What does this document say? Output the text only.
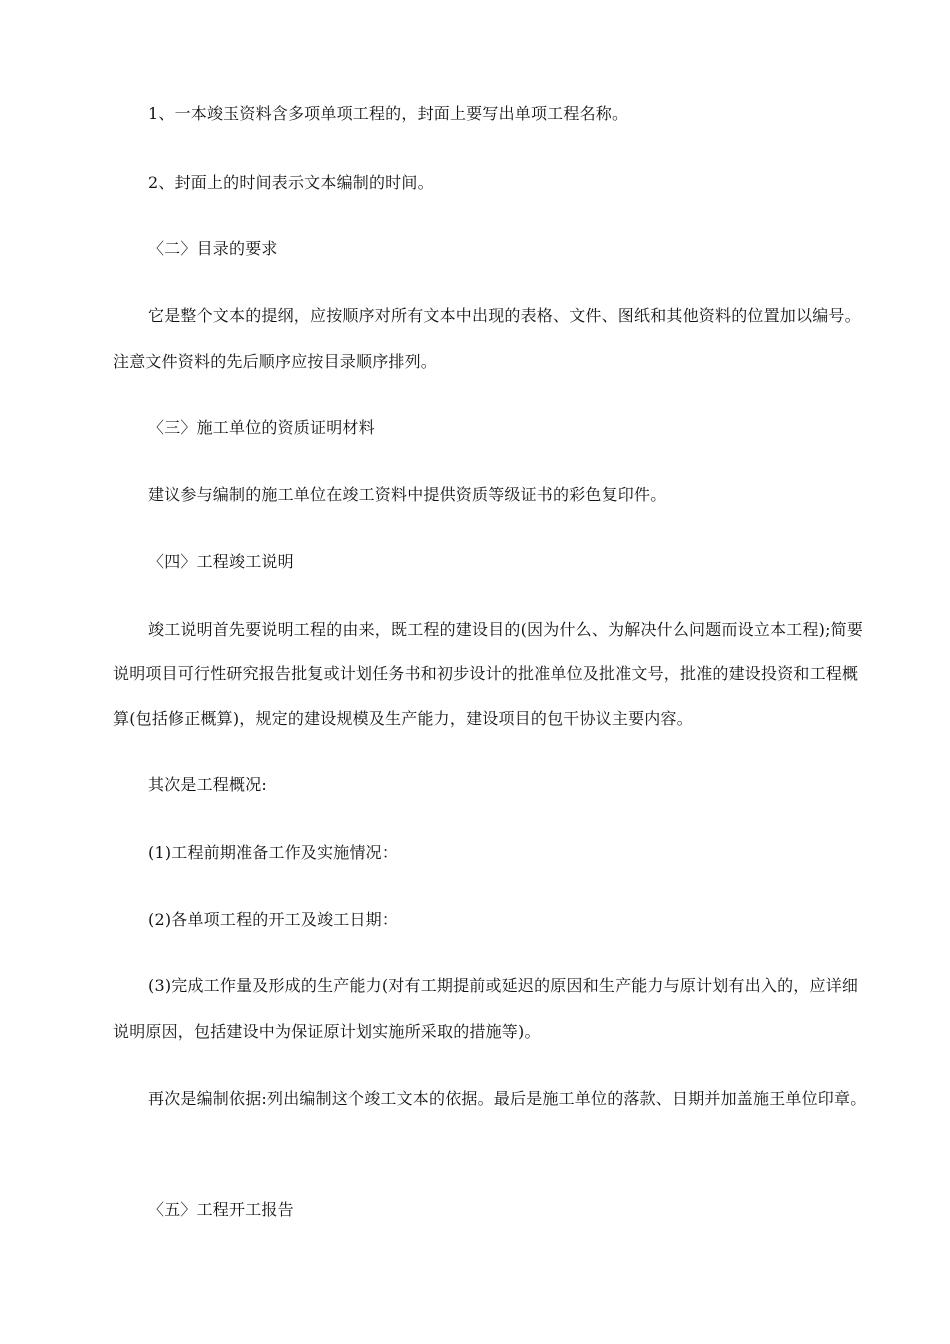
1、一本竣玉资料含多项单项工程的，封面上要写出单项工程名称。
2、封面上的时间表示文本编制的时间。
〈二〉目录的要求
它是整个文本的提纲，应按顺序对所有文本中出现的表格、文件、图纸和其他资料的位置加以编号。
注意文件资料的先后顺序应按目录顺序排列。
〈三〉施工单位的资质证明材料
建议参与编制的施工单位在竣工资料中提供资质等级证书的彩色复印件。
〈四〉工程竣工说明
竣工说明首先要说明工程的由来，既工程的建设目的(因为什么、为解决什么问题而设立本工程);简要
说明项目可行性研究报告批复或计划任务书和初步设计的批准单位及批准文号，批准的建设投资和工程概
算(包括修正概算)，规定的建设规模及生产能力，建设项目的包干协议主要内容。
其次是工程概况:
(1)工程前期准备工作及实施情况：
(2)各单项工程的开工及竣工日期：
(3)完成工作量及形成的生产能力(对有工期提前或延迟的原因和生产能力与原计划有出入的，应详细
说明原因，包括建设中为保证原计划实施所采取的措施等)。
再次是编制依据:列出编制这个竣工文本的依据。最后是施工单位的落款、日期并加盖施王单位印章。
〈五〉工程开工报告
